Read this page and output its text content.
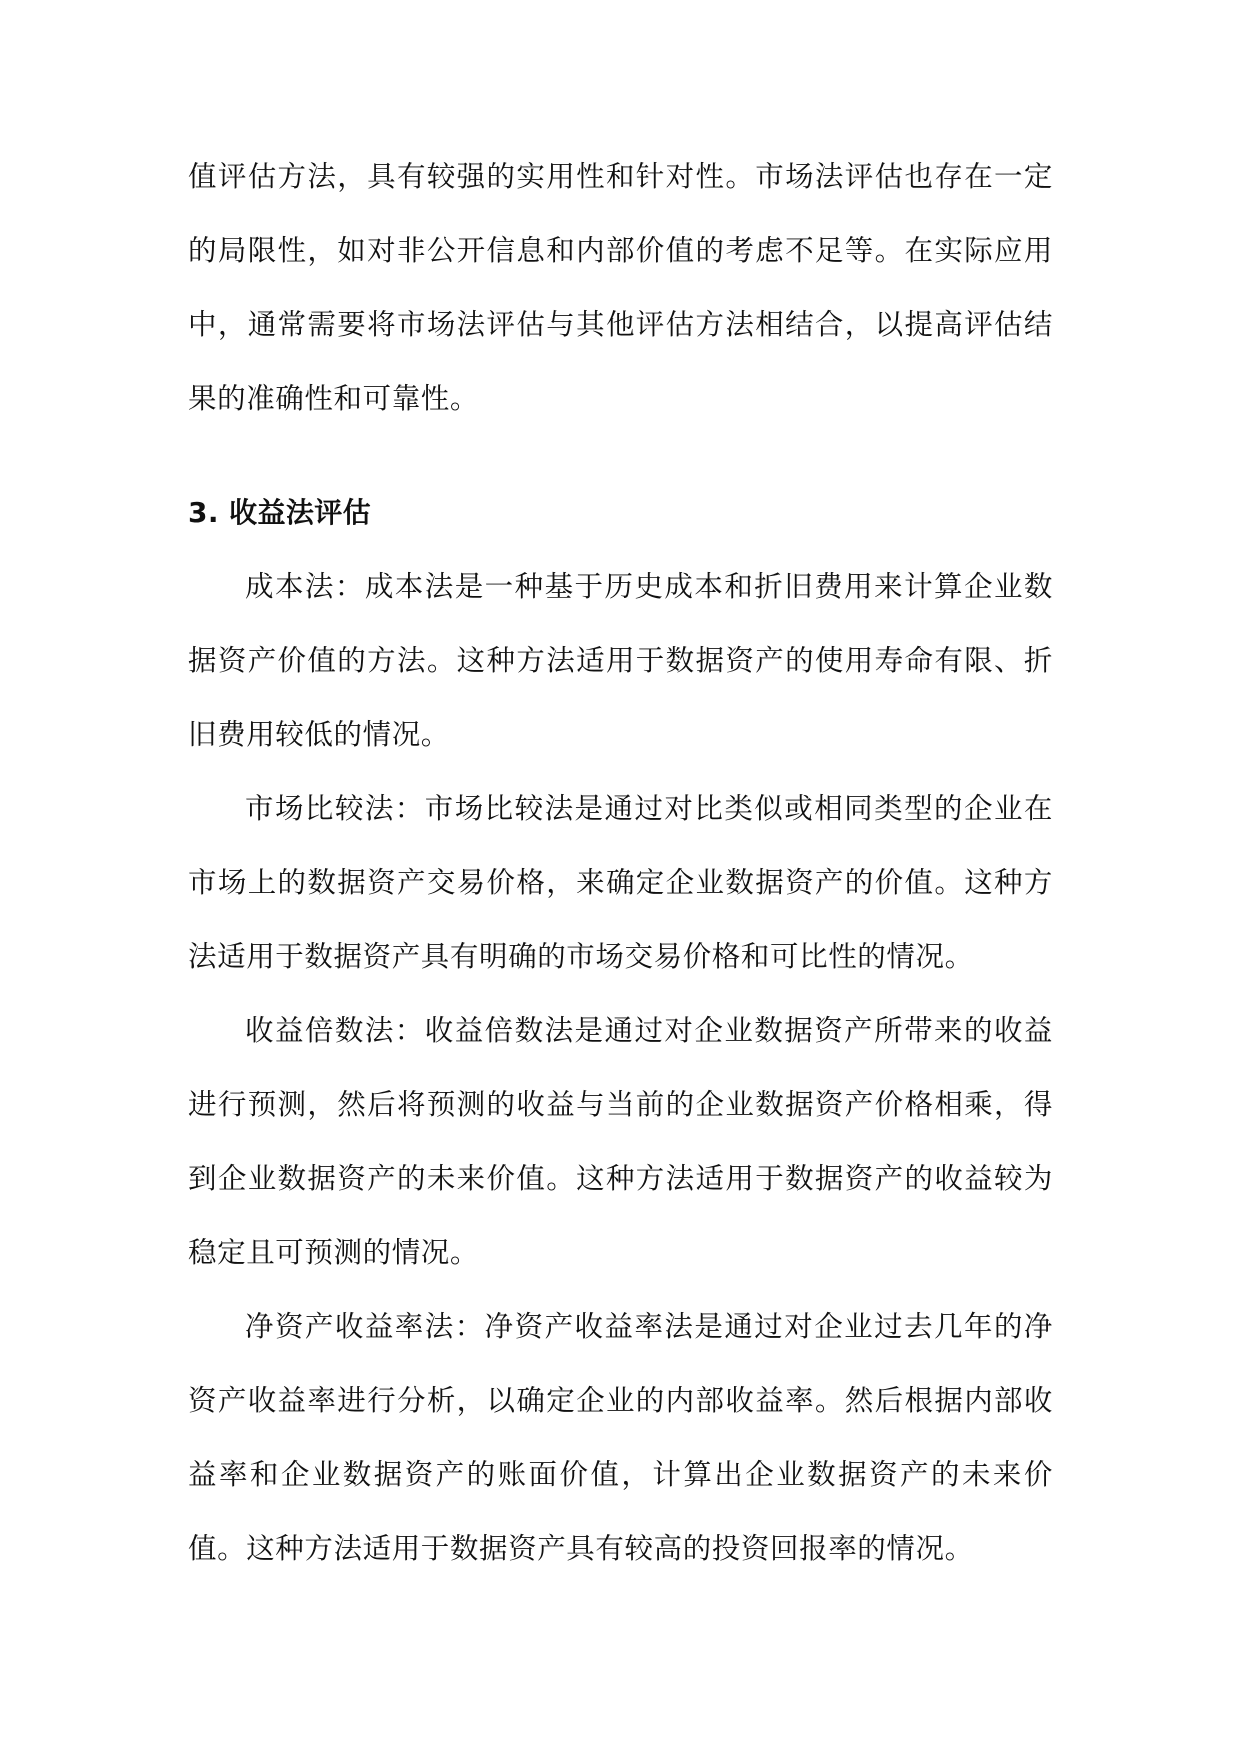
值评估方法，具有较强的实用性和针对性。市场法评估也存在一定的局限性，如对非公开信息和内部价值的考虑不足等。在实际应用中，通常需要将市场法评估与其他评估方法相结合，以提高评估结果的准确性和可靠性。

3. 收益法评估

成本法：成本法是一种基于历史成本和折旧费用来计算企业数据资产价值的方法。这种方法适用于数据资产的使用寿命有限、折旧费用较低的情况。

市场比较法：市场比较法是通过对比类似或相同类型的企业在市场上的数据资产交易价格，来确定企业数据资产的价值。这种方法适用于数据资产具有明确的市场交易价格和可比性的情况。

收益倍数法：收益倍数法是通过对企业数据资产所带来的收益进行预测，然后将预测的收益与当前的企业数据资产价格相乘，得到企业数据资产的未来价值。这种方法适用于数据资产的收益较为稳定且可预测的情况。

净资产收益率法：净资产收益率法是通过对企业过去几年的净资产收益率进行分析，以确定企业的内部收益率。然后根据内部收益率和企业数据资产的账面价值，计算出企业数据资产的未来价值。这种方法适用于数据资产具有较高的投资回报率的情况。
